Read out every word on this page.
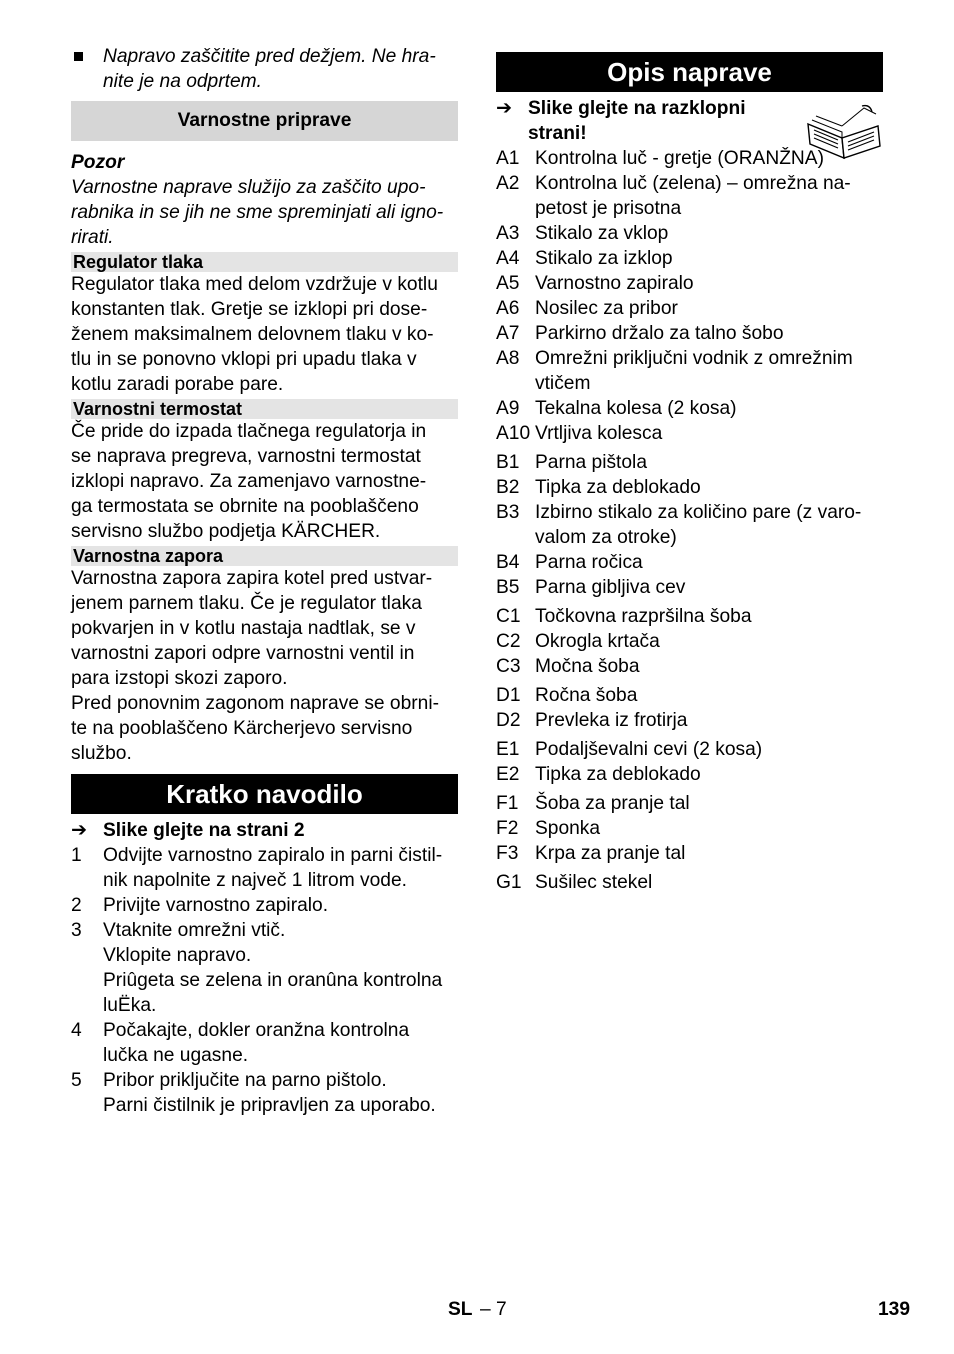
Napravo zaščitite pred dežjem. Ne hra-

nite je na odprtem.

Varnostne priprave

Pozor

Varnostne naprave služijo za zaščito upo-

rabnika in se jih ne sme spreminjati ali igno-

rirati.

Regulator tlaka

Regulator tlaka med delom vzdržuje v kotlu

konstanten tlak. Gretje se izklopi pri dose-

ženem maksimalnem delovnem tlaku v ko-

tlu in se ponovno vklopi pri upadu tlaka v

kotlu zaradi porabe pare.

Varnostni termostat

Če pride do izpada tlačnega regulatorja in

se naprava pregreva, varnostni termostat

izklopi napravo. Za zamenjavo varnostne-

ga termostata se obrnite na pooblaščeno

servisno službo podjetja KÄRCHER.

Varnostna zapora

Varnostna zapora zapira kotel pred ustvar-

jenem parnem tlaku. Če je regulator tlaka

pokvarjen in v kotlu nastaja nadtlak, se v

varnostni zapori odpre varnostni ventil in

para izstopi skozi zaporo.

Pred ponovnim zagonom naprave se obrni-

te na pooblaščeno Kärcherjevo servisno

službo.

Kratko navodilo
➔ Slike glejte na strani 2
1	Odvijte varnostno zapiralo in parni čistil-

nik napolnite z največ 1 litrom vode.

2	Privijte varnostno zapiralo.

3	Vtaknite omrežni vtič.

Vklopite napravo.

Priûgeta se zelena in oranûna kontrolna

luËka.

4	Počakajte, dokler oranžna kontrolna

lučka ne ugasne.

5	Pribor priključite na parno pištolo.

Parni čistilnik je pripravljen za uporabo.

Opis naprave
➔ Slike glejte na razklopni

strani!

A1 Kontrolna luč - gretje (ORANŽNA)

A2 Kontrolna luč (zelena) – omrežna na-

petost je prisotna

A3 Stikalo za vklop

A4 Stikalo za izklop

A5 Varnostno zapiralo

A6 Nosilec za pribor

A7 Parkirno držalo za talno šobo

A8 Omrežni priključni vodnik z omrežnim

vtičem

A9 Tekalna kolesa (2 kosa)

A10 Vrtljiva kolesca

B1 Parna pištola

B2 Tipka za deblokado

B3 Izbirno stikalo za količino pare (z varo-

valom za otroke)

B4 Parna ročica

B5 Parna gibljiva cev

C1 Točkovna razpršilna šoba

C2 Okrogla krtača

C3 Močna šoba

D1 Ročna šoba

D2 Prevleka iz frotirja

E1 Podaljševalni cevi (2 kosa)

E2 Tipka za deblokado

F1 Šoba za pranje tal

F2 Sponka

F3 Krpa za pranje tal

G1 Sušilec stekel

SL – 7	139
